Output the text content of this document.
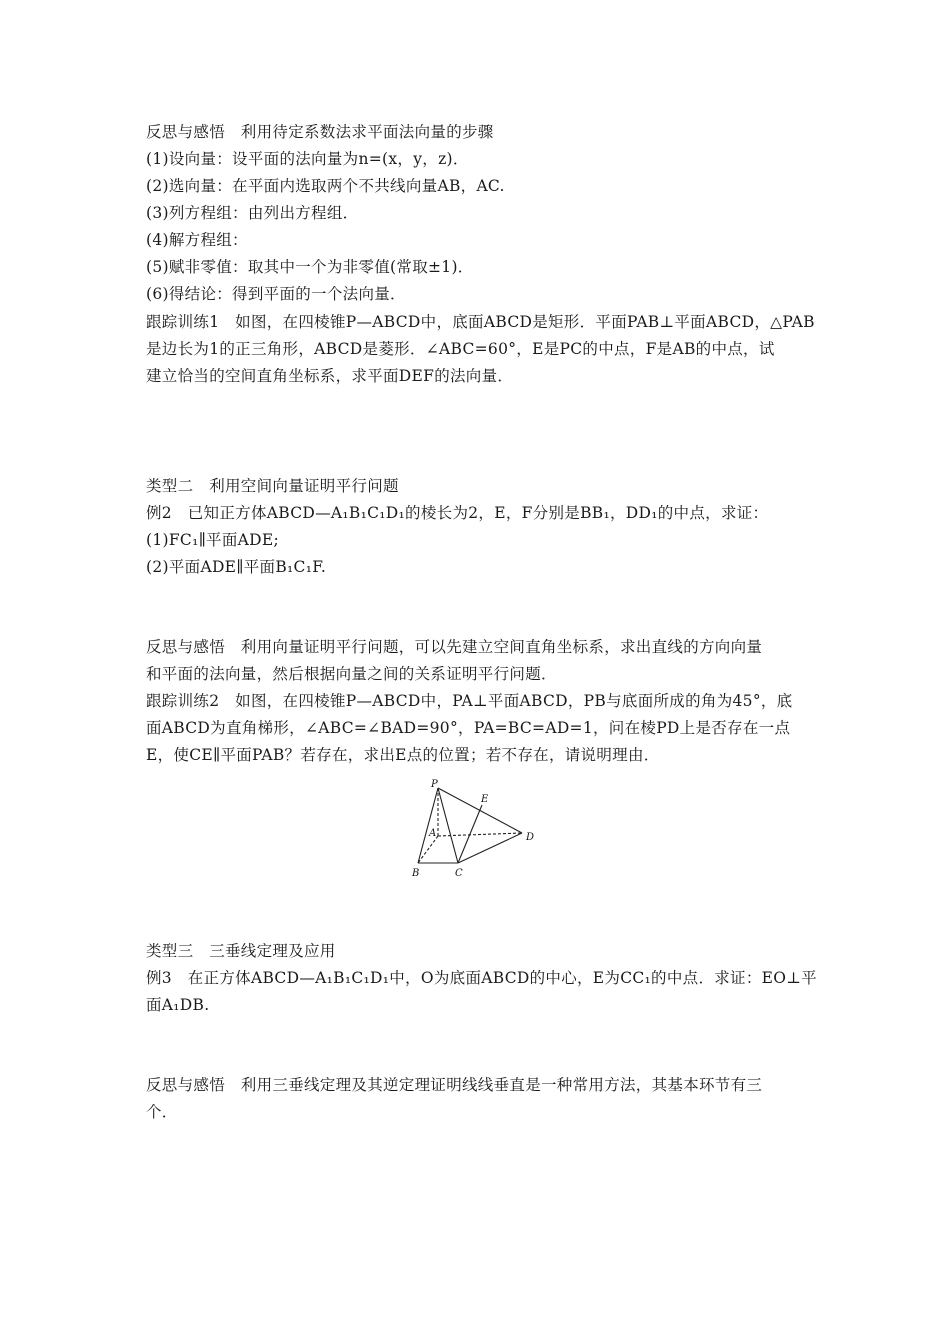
反思与感悟　利用待定系数法求平面法向量的步骤
(1)设向量：设平面的法向量为n=(x，y，z)．
(2)选向量：在平面内选取两个不共线向量AB，AC.
(3)列方程组：由列出方程组．
(4)解方程组：
(5)赋非零值：取其中一个为非零值(常取±1)．
(6)得结论：得到平面的一个法向量．
跟踪训练1　如图，在四棱锥P—ABCD中，底面ABCD是矩形．平面PAB⊥平面ABCD，△PAB
是边长为1的正三角形，ABCD是菱形．∠ABC=60°，E是PC的中点，F是AB的中点，试
建立恰当的空间直角坐标系，求平面DEF的法向量．
类型二　利用空间向量证明平行问题
例2　已知正方体ABCD—A₁B₁C₁D₁的棱长为2，E，F分别是BB₁，DD₁的中点，求证：
(1)FC₁∥平面ADE;
(2)平面ADE∥平面B₁C₁F.
反思与感悟　利用向量证明平行问题，可以先建立空间直角坐标系，求出直线的方向向量
和平面的法向量，然后根据向量之间的关系证明平行问题．
跟踪训练2　如图，在四棱锥P—ABCD中，PA⊥平面ABCD，PB与底面所成的角为45°，底
面ABCD为直角梯形，∠ABC=∠BAD=90°，PA=BC=AD=1，问在棱PD上是否存在一点
E，使CE∥平面PAB？若存在，求出E点的位置；若不存在，请说明理由．
P
E
A	D
B	C
类型三　三垂线定理及应用
例3　在正方体ABCD—A₁B₁C₁D₁中，O为底面ABCD的中心，E为CC₁的中点．求证：EO⊥平
面A₁DB.
反思与感悟　利用三垂线定理及其逆定理证明线线垂直是一种常用方法，其基本环节有三
个．
